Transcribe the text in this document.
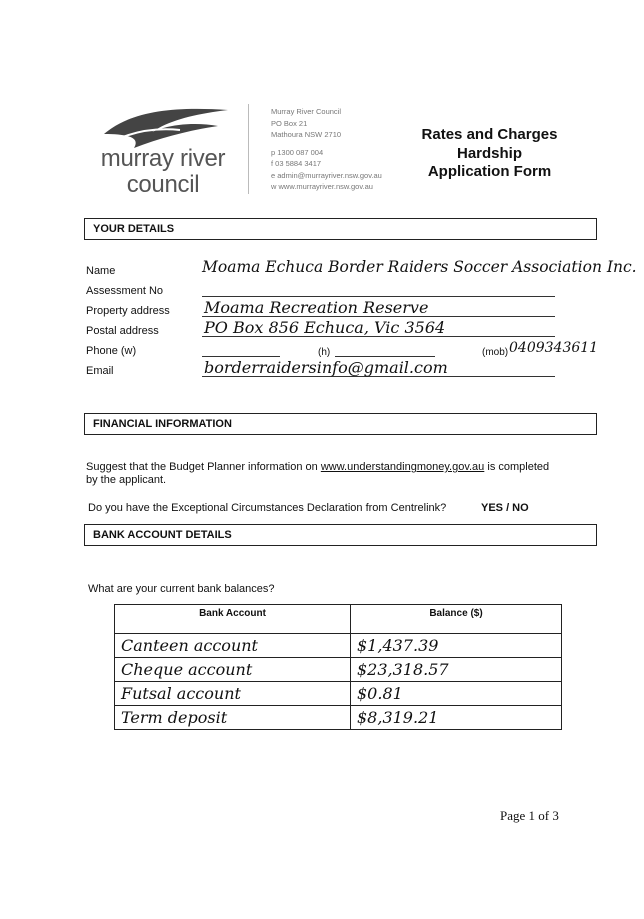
murray river
council
Murray River Council
PO Box 21
Mathoura NSW 2710
p 1300 087 004
f 03 5884 3417
e admin@murrayriver.nsw.gov.au
w www.murrayriver.nsw.gov.au
Rates and Charges
Hardship
Application Form
YOUR DETAILS
Name	Moama Echuca Border Raiders Soccer Association Inc.
Assessment No
Property address Moama Recreation Reserve
Postal address	PO Box 856 Echuca, Vic 3564
Phone (w)	(h)	(mob) 0409343611
Email	borderraidersinfo@gmail.com
FINANCIAL INFORMATION
Suggest that the Budget Planner information on www.understandingmoney.gov.au is completed
by the applicant.
Do you have the Exceptional Circumstances Declaration from Centrelink?	YES / NO
BANK ACCOUNT DETAILS
What are your current bank balances?
Bank Account	Balance ($)
Canteen account	$1,437.39
Cheque account	$23,318.57
Futsal account	$0.81
Term deposit	$8,319.21
Page 1 of 3
